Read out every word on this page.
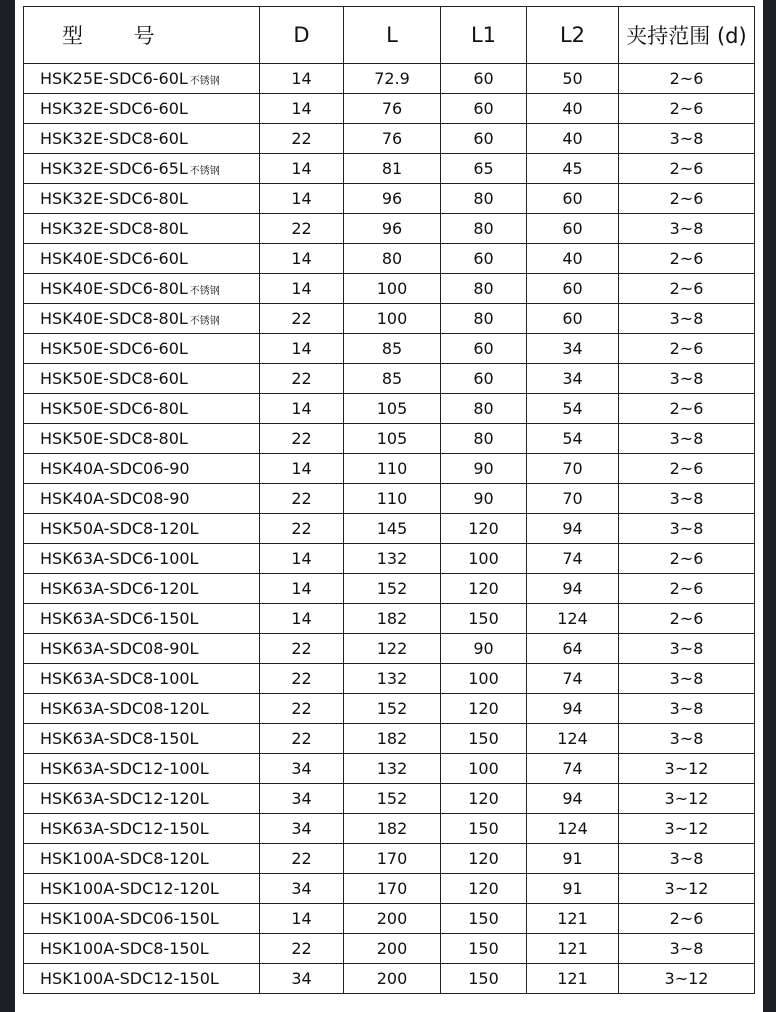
型 号	D	L	L1	L2	夹持范围 (d)
HSK25E-SDC6-60L 不锈钢	14	72.9	60	50	2~6
HSK32E-SDC6-60L	14	76	60	40	2~6
HSK32E-SDC8-60L	22	76	60	40	3~8
HSK32E-SDC6-65L 不锈钢	14	81	65	45	2~6
HSK32E-SDC6-80L	14	96	80	60	2~6
HSK32E-SDC8-80L	22	96	80	60	3~8
HSK40E-SDC6-60L	14	80	60	40	2~6
HSK40E-SDC6-80L 不锈钢	14	100	80	60	2~6
HSK40E-SDC8-80L 不锈钢	22	100	80	60	3~8
HSK50E-SDC6-60L	14	85	60	34	2~6
HSK50E-SDC8-60L	22	85	60	34	3~8
HSK50E-SDC6-80L	14	105	80	54	2~6
HSK50E-SDC8-80L	22	105	80	54	3~8
HSK40A-SDC06-90	14	110	90	70	2~6
HSK40A-SDC08-90	22	110	90	70	3~8
HSK50A-SDC8-120L	22	145	120	94	3~8
HSK63A-SDC6-100L	14	132	100	74	2~6
HSK63A-SDC6-120L	14	152	120	94	2~6
HSK63A-SDC6-150L	14	182	150	124	2~6
HSK63A-SDC08-90L	22	122	90	64	3~8
HSK63A-SDC8-100L	22	132	100	74	3~8
HSK63A-SDC08-120L	22	152	120	94	3~8
HSK63A-SDC8-150L	22	182	150	124	3~8
HSK63A-SDC12-100L	34	132	100	74	3~12
HSK63A-SDC12-120L	34	152	120	94	3~12
HSK63A-SDC12-150L	34	182	150	124	3~12
HSK100A-SDC8-120L	22	170	120	91	3~8
HSK100A-SDC12-120L	34	170	120	91	3~12
HSK100A-SDC06-150L	14	200	150	121	2~6
HSK100A-SDC8-150L	22	200	150	121	3~8
HSK100A-SDC12-150L	34	200	150	121	3~12
